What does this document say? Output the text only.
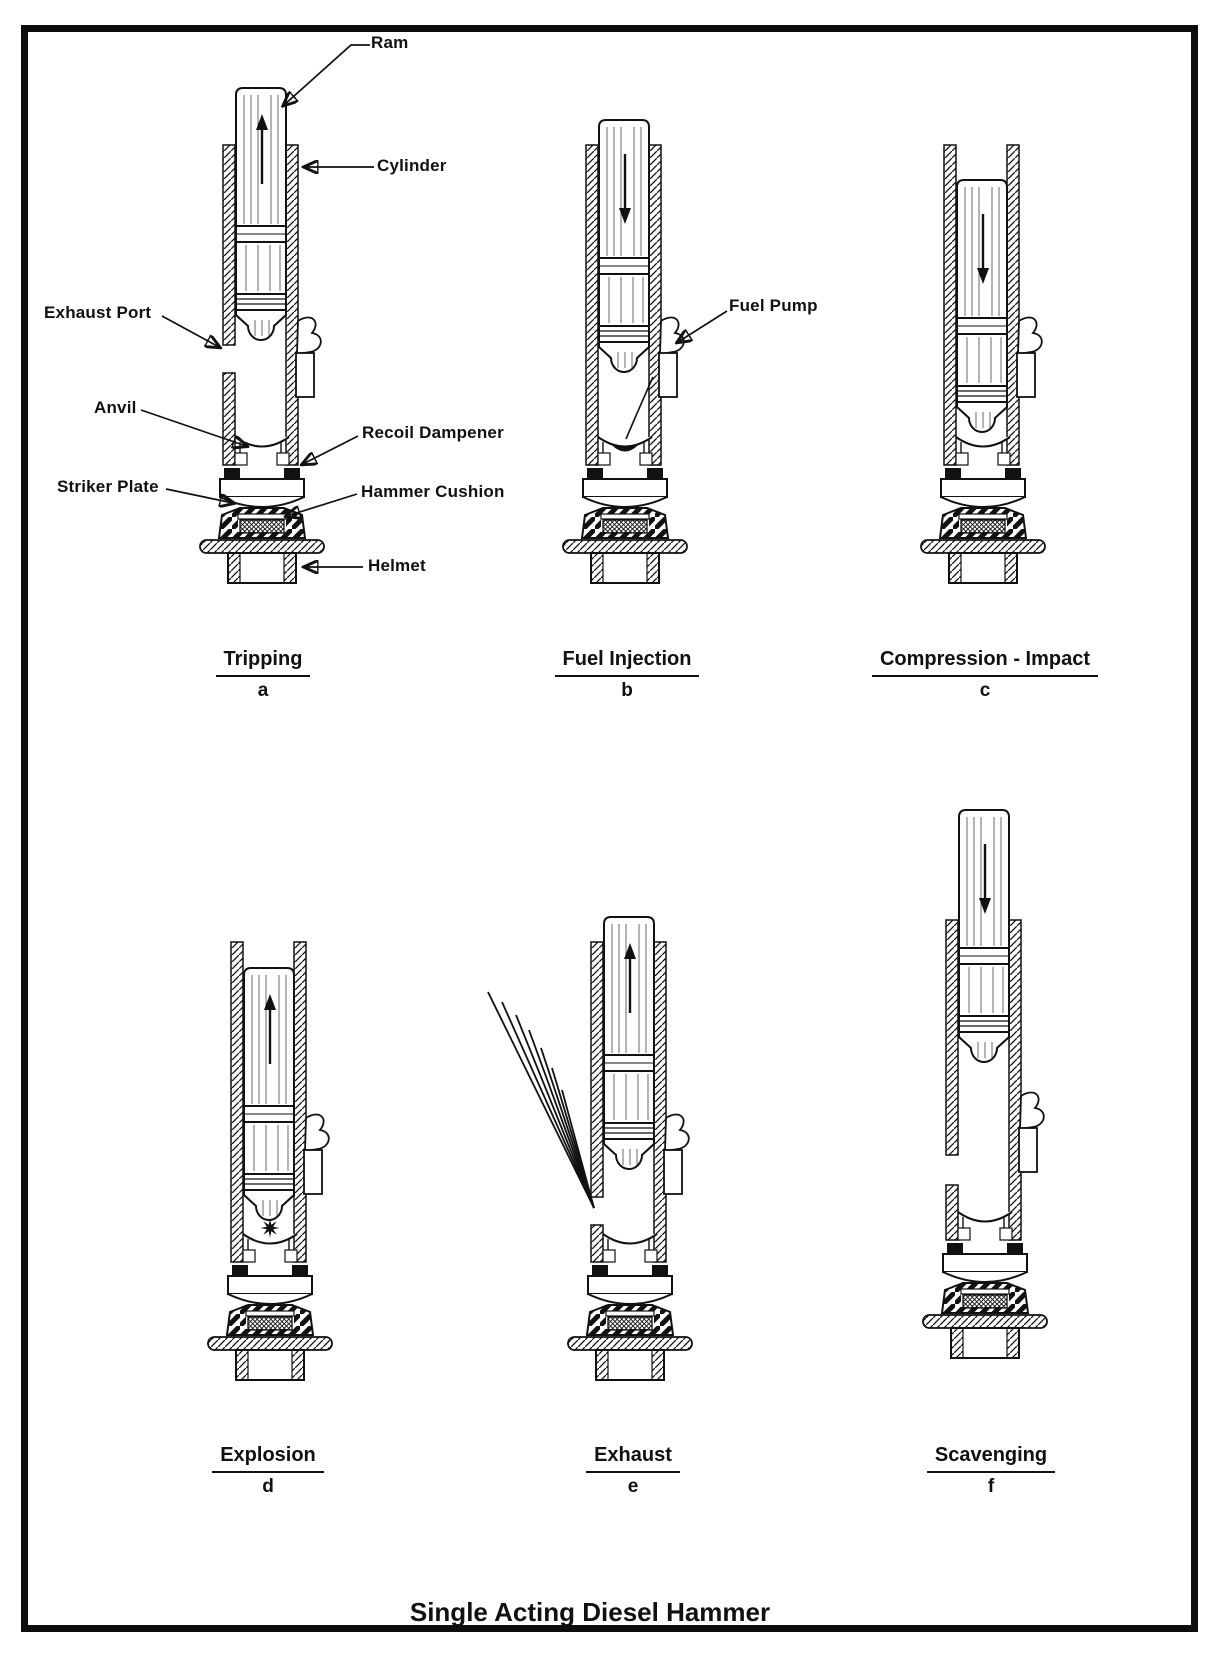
Ram
Cylinder
Exhaust Port
Anvil
Recoil Dampener
Striker Plate	Hammer Cushion
Helmet
Fuel Pump
Tripping
a
Fuel Injection
b
Compression - Impact
c
Explosion
d
Exhaust
e
Scavenging
f
Single Acting Diesel Hammer
